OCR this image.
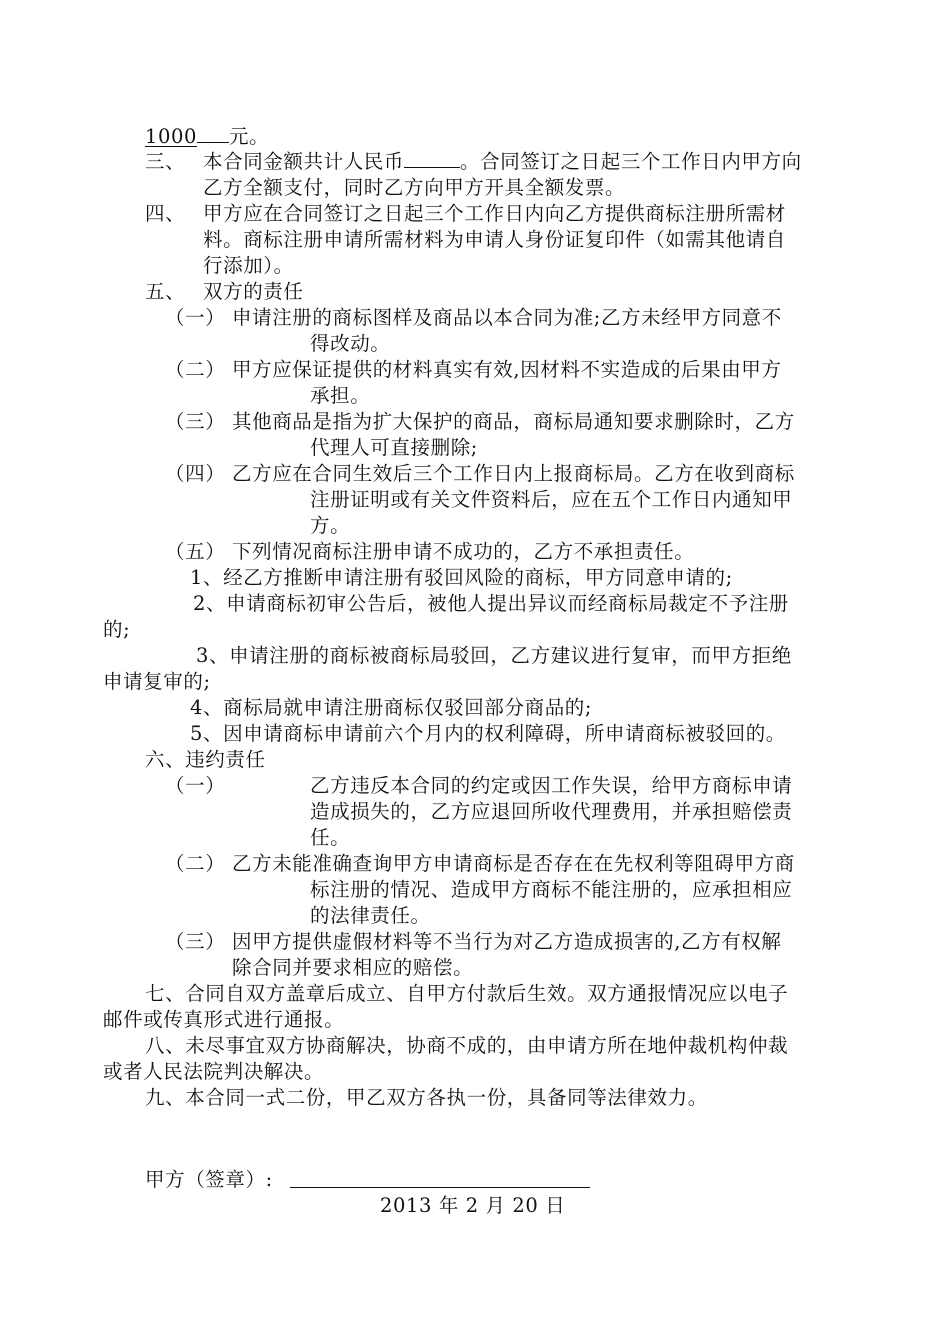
1000 元。
三、 本合同金额共计人民币	。合同签订之日起三个工作日内甲方向
乙方全额支付，同时乙方向甲方开具全额发票。
四、 甲方应在合同签订之日起三个工作日内向乙方提供商标注册所需材
料。商标注册申请所需材料为申请人身份证复印件（如需其他请自
行添加）。
五、 双方的责任
（一） 申请注册的商标图样及商品以本合同为准;乙方未经甲方同意不
得改动。
（二） 甲方应保证提供的材料真实有效,因材料不实造成的后果由甲方
承担。
（三） 其他商品是指为扩大保护的商品，商标局通知要求删除时，乙方
代理人可直接删除;
（四） 乙方应在合同生效后三个工作日内上报商标局。乙方在收到商标
注册证明或有关文件资料后，应在五个工作日内通知甲
方。
（五） 下列情况商标注册申请不成功的，乙方不承担责任。
1、经乙方推断申请注册有驳回风险的商标，甲方同意申请的;
2、申请商标初审公告后，被他人提出异议而经商标局裁定不予注册
的;
3、申请注册的商标被商标局驳回，乙方建议进行复审，而甲方拒绝
申请复审的;
4、商标局就申请注册商标仅驳回部分商品的;
5、因申请商标申请前六个月内的权利障碍，所申请商标被驳回的。
六、违约责任
（一）	乙方违反本合同的约定或因工作失误，给甲方商标申请
造成损失的，乙方应退回所收代理费用，并承担赔偿责
任。
（二） 乙方未能准确查询甲方申请商标是否存在在先权利等阻碍甲方商
标注册的情况、造成甲方商标不能注册的，应承担相应
的法律责任。
（三） 因甲方提供虚假材料等不当行为对乙方造成损害的,乙方有权解
除合同并要求相应的赔偿。
七、合同自双方盖章后成立、自甲方付款后生效。双方通报情况应以电子
邮件或传真形式进行通报。
八、未尽事宜双方协商解决，协商不成的，由申请方所在地仲裁机构仲裁
或者人民法院判决解决。
九、本合同一式二份，甲乙双方各执一份，具备同等法律效力。
甲方（签章）:
2013 年 2 月 20 日
